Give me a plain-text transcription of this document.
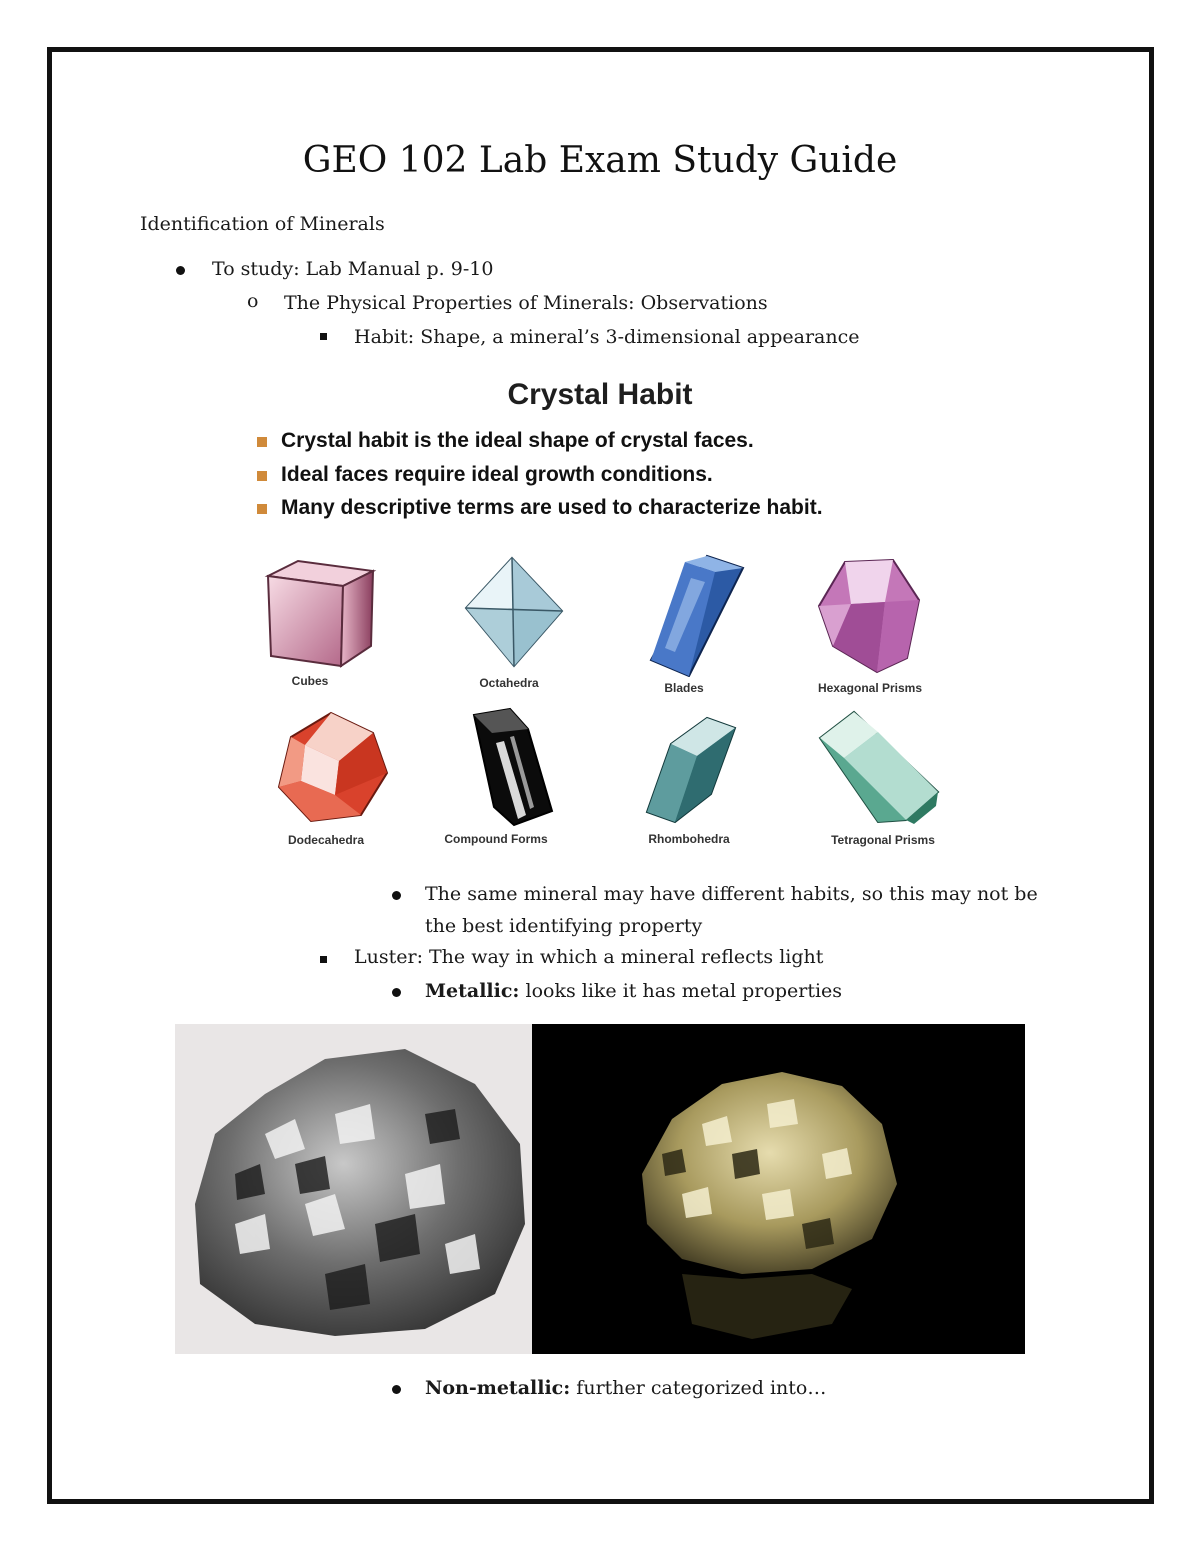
GEO 102 Lab Exam Study Guide
Identification of Minerals
To study: Lab Manual p. 9-10
o The Physical Properties of Minerals: Observations
Habit: Shape, a mineral’s 3-dimensional appearance
Crystal Habit
Crystal habit is the ideal shape of crystal faces.
Ideal faces require ideal growth conditions.
Many descriptive terms are used to characterize habit.
Cubes	Octahedra	Blades	Hexagonal Prisms
Dodecahedra	Compound Forms	Rhombohedra	Tetragonal Prisms
The same mineral may have different habits, so this may not be
the best identifying property
Luster: The way in which a mineral reflects light
Metallic: looks like it has metal properties
Non-metallic: further categorized into…
